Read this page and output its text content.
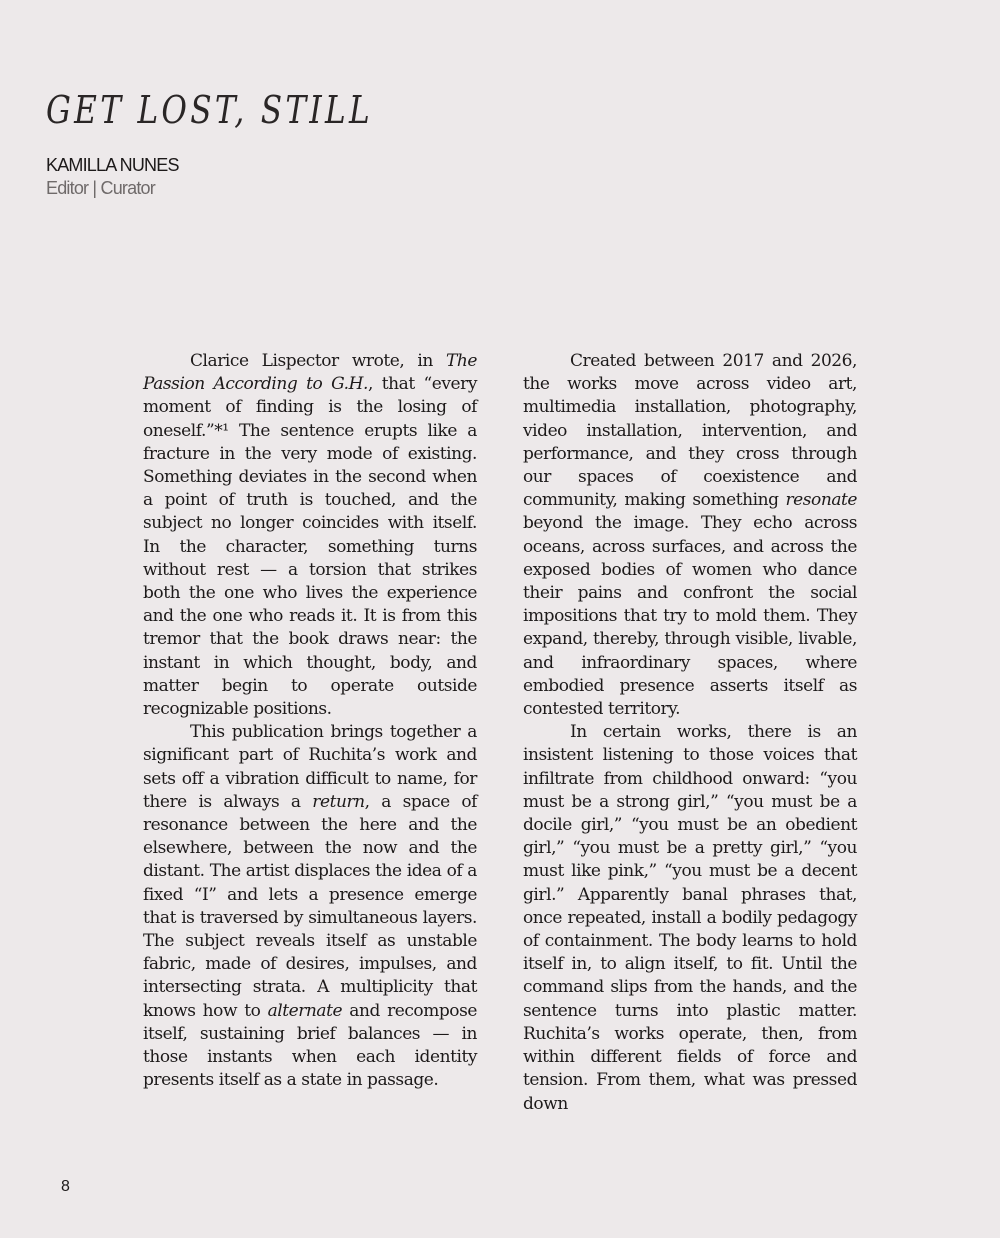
GET LOST, STILL
KAMILLA NUNES
Editor | Curator

Clarice Lispector wrote, in The Passion According to G.H., that “every moment of finding is the losing of oneself.”*¹ The sentence erupts like a fracture in the very mode of existing. Something deviates in the second when a point of truth is touched, and the subject no longer coincides with itself. In the character, something turns without rest — a torsion that strikes both the one who lives the experience and the one who reads it. It is from this tremor that the book draws near: the instant in which thought, body, and matter begin to operate outside recognizable positions.

This publication brings together a significant part of Ruchita’s work and sets off a vibration difficult to name, for there is always a return, a space of resonance between the here and the elsewhere, between the now and the distant. The artist displaces the idea of a fixed “I” and lets a presence emerge that is traversed by simultaneous layers. The subject reveals itself as unstable fabric, made of desires, impulses, and intersecting strata. A multiplicity that knows how to alternate and recompose itself, sustaining brief balances — in those instants when each identity presents itself as a state in passage.

Created between 2017 and 2026, the works move across video art, multimedia installation, photography, video installation, intervention, and performance, and they cross through our spaces of coexistence and community, making something resonate beyond the image. They echo across oceans, across surfaces, and across the exposed bodies of women who dance their pains and confront the social impositions that try to mold them. They expand, thereby, through visible, livable, and infraordinary spaces, where embodied presence asserts itself as contested territory.

In certain works, there is an insistent listening to those voices that infiltrate from childhood onward: “you must be a strong girl,” “you must be a docile girl,” “you must be an obedient girl,” “you must be a pretty girl,” “you must like pink,” “you must be a decent girl.” Apparently banal phrases that, once repeated, install a bodily pedagogy of containment. The body learns to hold itself in, to align itself, to fit. Until the command slips from the hands, and the sentence turns into plastic matter. Ruchita’s works operate, then, from within different fields of force and tension. From them, what was pressed down

8
